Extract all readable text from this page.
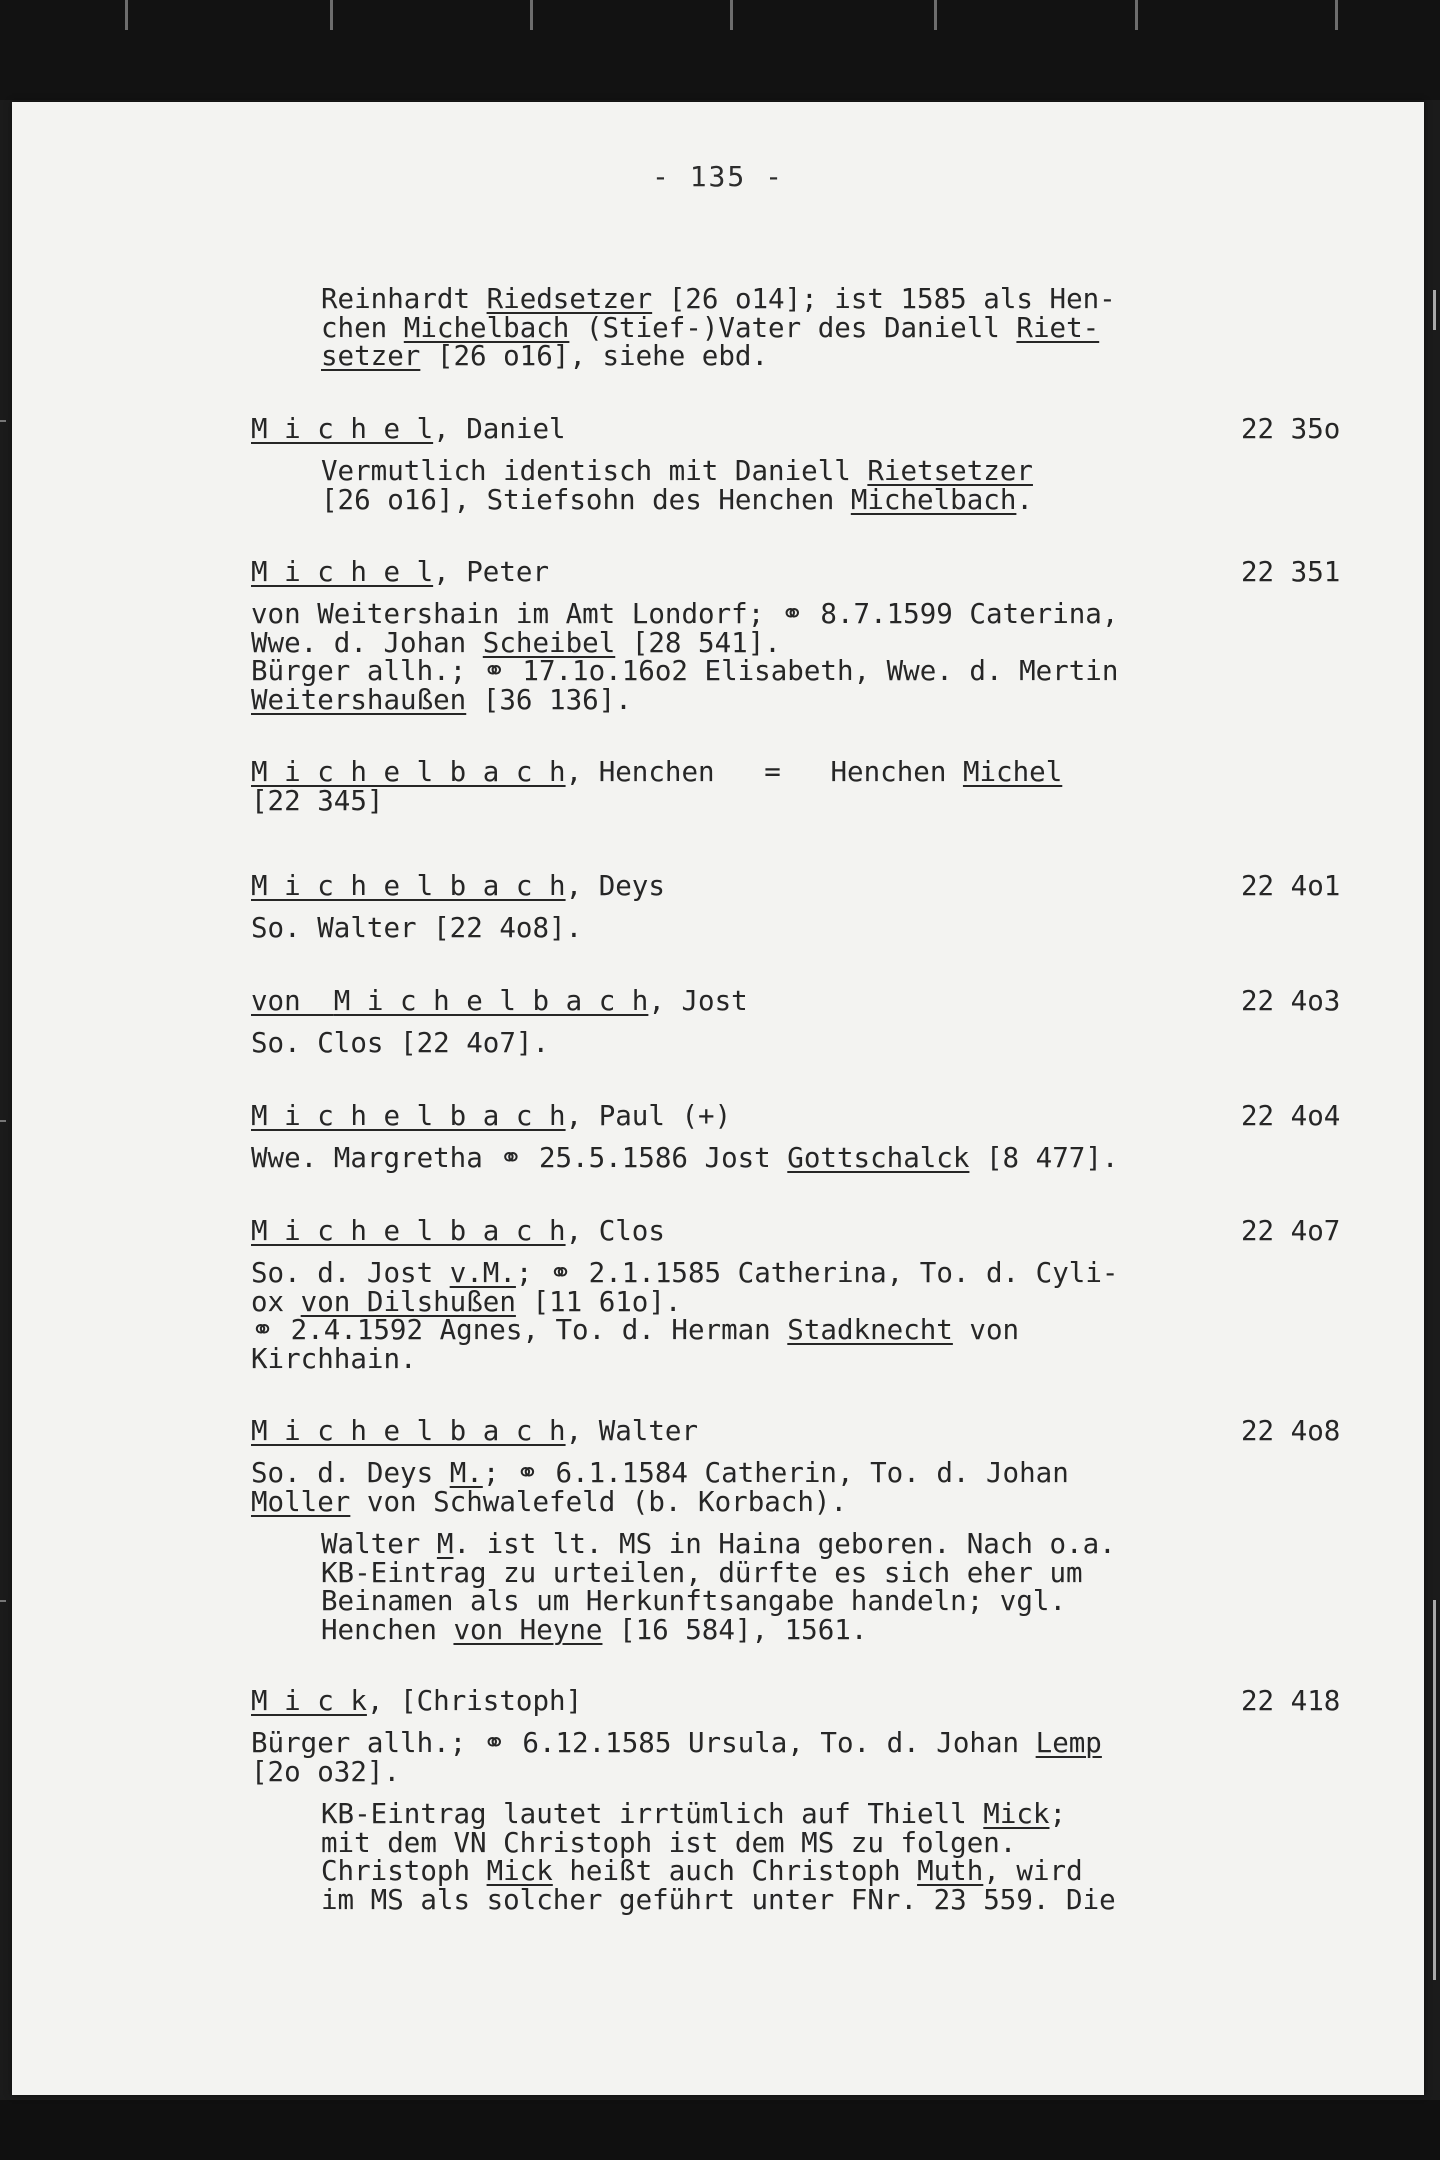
- 135 -
Reinhardt Riedsetzer [26 o14]; ist 1585 als Hen-
chen Michelbach (Stief-)Vater des Daniell Riet-
setzer [26 o16], siehe ebd.
M i c h e l, Daniel	22 35o
Vermutlich identisch mit Daniell Rietsetzer
[26 o16], Stiefsohn des Henchen Michelbach.
M i c h e l, Peter	22 351
von Weitershain im Amt Londorf; ⚭ 8.7.1599 Caterina,
Wwe. d. Johan Scheibel [28 541].
Bürger allh.; ⚭ 17.1o.16o2 Elisabeth, Wwe. d. Mertin
Weitershaußen [36 136].
M i c h e l b a c h, Henchen   =   Henchen Michel
[22 345]
M i c h e l b a c h, Deys	22 4o1
So. Walter [22 4o8].
von  M i c h e l b a c h, Jost	22 4o3
So. Clos [22 4o7].
M i c h e l b a c h, Paul (+)	22 4o4
Wwe. Margretha ⚭ 25.5.1586 Jost Gottschalck [8 477].
M i c h e l b a c h, Clos	22 4o7
So. d. Jost v.M.; ⚭ 2.1.1585 Catherina, To. d. Cyli-
ox von Dilshußen [11 61o].
⚭ 2.4.1592 Agnes, To. d. Herman Stadknecht von
Kirchhain.
M i c h e l b a c h, Walter	22 4o8
So. d. Deys M.; ⚭ 6.1.1584 Catherin, To. d. Johan
Moller von Schwalefeld (b. Korbach).
Walter M. ist lt. MS in Haina geboren. Nach o.a.
KB-Eintrag zu urteilen, dürfte es sich eher um
Beinamen als um Herkunftsangabe handeln; vgl.
Henchen von Heyne [16 584], 1561.
M i c k, [Christoph]	22 418
Bürger allh.; ⚭ 6.12.1585 Ursula, To. d. Johan Lemp
[2o o32].
KB-Eintrag lautet irrtümlich auf Thiell Mick;
mit dem VN Christoph ist dem MS zu folgen.
Christoph Mick heißt auch Christoph Muth, wird
im MS als solcher geführt unter FNr. 23 559. Die
